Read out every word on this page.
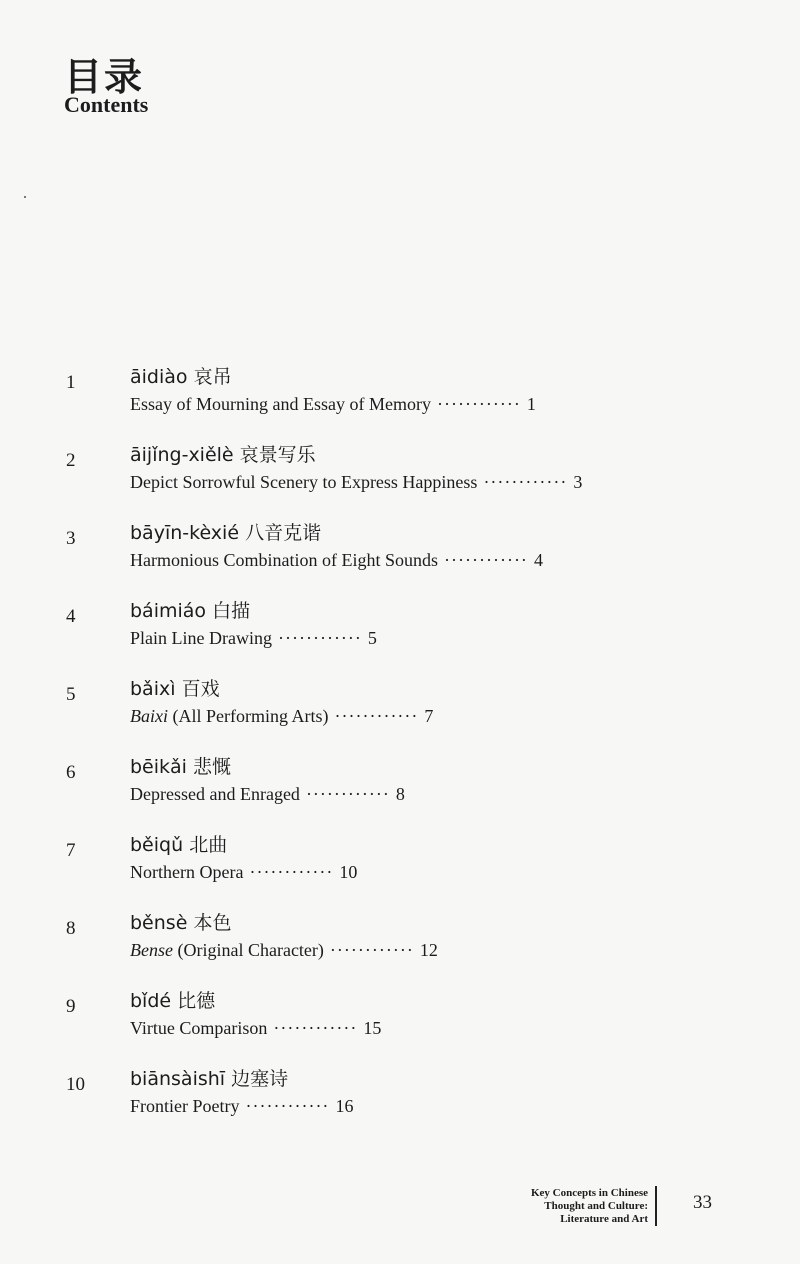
目录
Contents
1	āidiào 哀吊
Essay of Mourning and Essay of Memory ············ 1
2	āijǐng-xiělè 哀景写乐
Depict Sorrowful Scenery to Express Happiness ············ 3
3	bāyīn-kèxié 八音克谐
Harmonious Combination of Eight Sounds ············ 4
4	báimiáo 白描
Plain Line Drawing ············ 5
5	bǎixì 百戏
Baixi (All Performing Arts) ············ 7
6	bēikǎi 悲慨
Depressed and Enraged ············ 8
7	běiqǔ 北曲
Northern Opera ············ 10
8	běnsè 本色
Bense (Original Character) ············ 12
9	bǐdé 比德
Virtue Comparison ············ 15
10 biānsàishī 边塞诗
Frontier Poetry ············ 16
Key Concepts in Chinese
Thought and Culture:
Literature and Art
33
